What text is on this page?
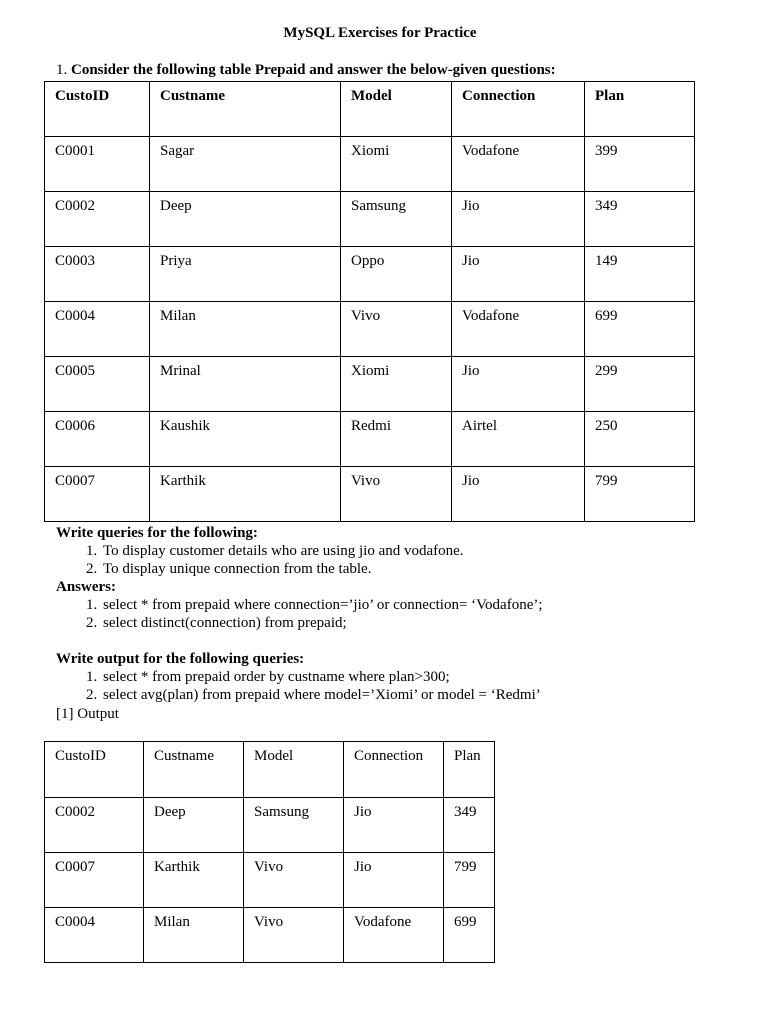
MySQL Exercises for Practice
1. Consider the following table Prepaid and answer the below-given questions:
CustoID	Custname	Model	Connection	Plan
C0001	Sagar	Xiomi	Vodafone	399
C0002	Deep	Samsung	Jio	349
C0003	Priya	Oppo	Jio	149
C0004	Milan	Vivo	Vodafone	699
C0005	Mrinal	Xiomi	Jio	299
C0006	Kaushik	Redmi	Airtel	250
C0007	Karthik	Vivo	Jio	799
Write queries for the following:
1. To display customer details who are using jio and vodafone.
2. To display unique connection from the table.
Answers:
1. select * from prepaid where connection=’jio’ or connection= ‘Vodafone’;
2. select distinct(connection) from prepaid;
Write output for the following queries:
1. select * from prepaid order by custname where plan>300;
2. select avg(plan) from prepaid where model=’Xiomi’ or model = ‘Redmi’
[1] Output
CustoID	Custname	Model	Connection	Plan
C0002	Deep	Samsung	Jio	349
C0007	Karthik	Vivo	Jio	799
C0004	Milan	Vivo	Vodafone	699
